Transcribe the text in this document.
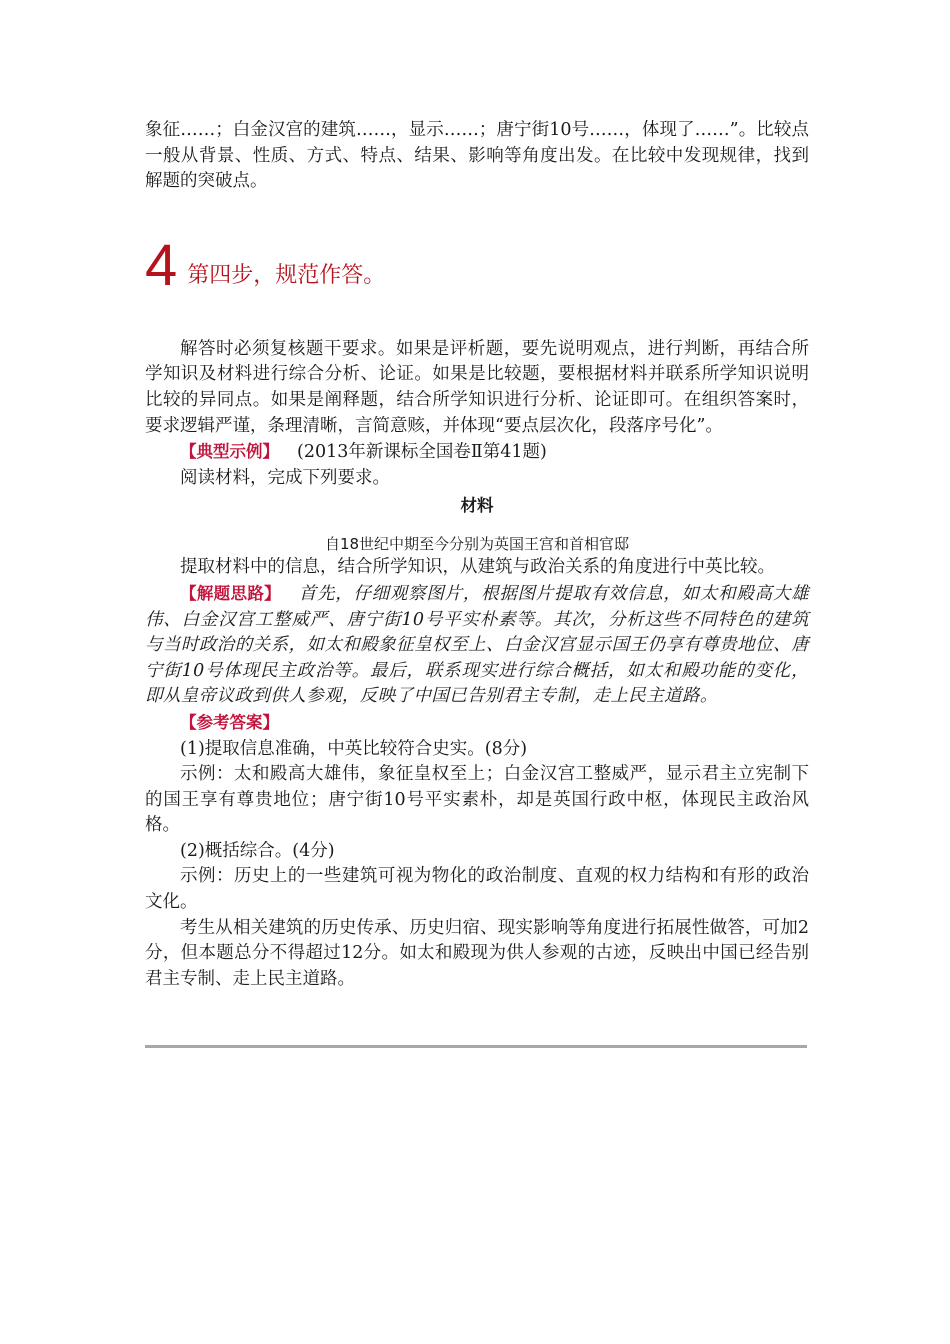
象征……；白金汉宫的建筑……，显示……；唐宁街10号……，体现了……”。比较点一般从背景、性质、方式、特点、结果、影响等角度出发。在比较中发现规律，找到解题的突破点。

4 第四步，规范作答。

解答时必须复核题干要求。如果是评析题，要先说明观点，进行判断，再结合所学知识及材料进行综合分析、论证。如果是比较题，要根据材料并联系所学知识说明比较的异同点。如果是阐释题，结合所学知识进行分析、论证即可。在组织答案时，要求逻辑严谨，条理清晰，言简意赅，并体现“要点层次化，段落序号化”。

【典型示例】 (2013年新课标全国卷Ⅱ第41题)

阅读材料，完成下列要求。

材料

自18世纪中期至今分别为英国王宫和首相官邸

提取材料中的信息，结合所学知识，从建筑与政治关系的角度进行中英比较。

【解题思路】 首先，仔细观察图片，根据图片提取有效信息，如太和殿高大雄伟、白金汉宫工整威严、唐宁街10号平实朴素等。其次，分析这些不同特色的建筑与当时政治的关系，如太和殿象征皇权至上、白金汉宫显示国王仍享有尊贵地位、唐宁街10号体现民主政治等。最后，联系现实进行综合概括，如太和殿功能的变化，即从皇帝议政到供人参观，反映了中国已告别君主专制，走上民主道路。

【参考答案】

(1)提取信息准确，中英比较符合史实。(8分)

示例：太和殿高大雄伟，象征皇权至上；白金汉宫工整威严，显示君主立宪制下的国王享有尊贵地位；唐宁街10号平实素朴，却是英国行政中枢，体现民主政治风格。

(2)概括综合。(4分)

示例：历史上的一些建筑可视为物化的政治制度、直观的权力结构和有形的政治文化。

考生从相关建筑的历史传承、历史归宿、现实影响等角度进行拓展性做答，可加2分，但本题总分不得超过12分。如太和殿现为供人参观的古迹，反映出中国已经告别君主专制、走上民主道路。
